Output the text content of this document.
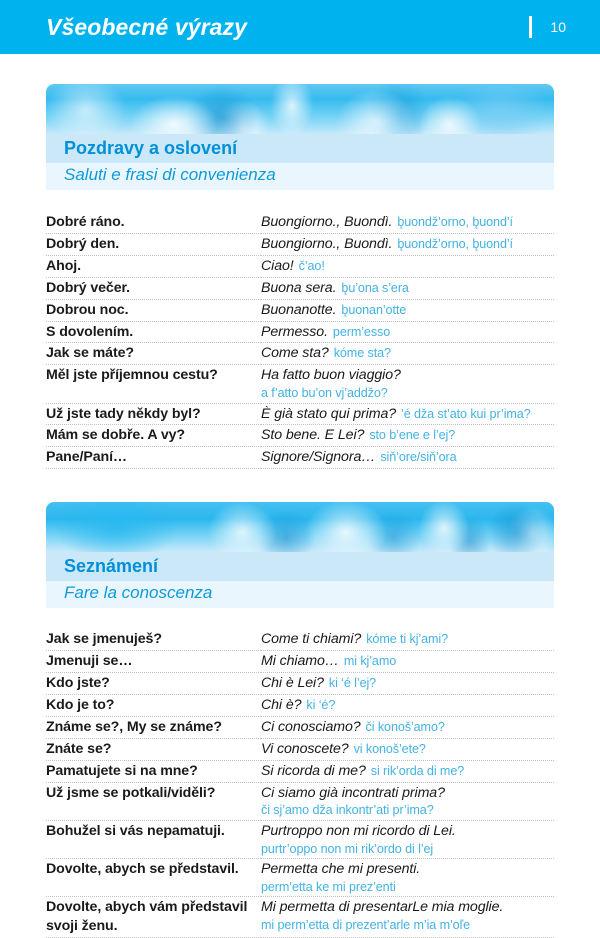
Všeobecné výrazy	10
Pozdravy a oslovení
Saluti e frasi di convenienza
Dobré ráno.	Buongiorno., Buondì. b̨uondž’orno, b̨uond’í
Dobrý den.	Buongiorno., Buondì. b̨uondž’orno, b̨uond’í
Ahoj.	Ciao! č’ao!
Dobrý večer.	Buona sera. b̨u’ona s’era
Dobrou noc.	Buonanotte. b̨uonan’otte
S dovolením.	Permesso. perm’esso
Jak se máte?	Come sta? kóme sta?
Měl jste příjemnou cestu?	Ha fatto buon viaggio?
a f’atto bu’on vj’addžo?

Už jste tady někdy byl?	È già stato qui prima? ’é dža st’ato kui pr’ima?
Mám se dobře. A vy?	Sto bene. E Lei? sto b’ene e l’ej?
Pane/Paní…	Signore/Signora… siň’ore/siň’ora
Seznámení
Fare la conoscenza
Jak se jmenuješ?	Come ti chiami? kóme ti kj’ami?
Jmenuji se…	Mi chiamo… mi kj’amo
Kdo jste?	Chi è Lei? ki ‘é l’ej?
Kdo je to?	Chi è? ki ‘é?
Známe se?, My se známe?	Ci conosciamo? či konoš’amo?
Znáte se?	Vi conoscete? vi konoš’ete?
Pamatujete si na mne?	Si ricorda di me? si rik’orda di me?
Už jsme se potkali/viděli?	Ci siamo già incontrati prima?
či sj’amo dža inkontr’ati pr’ima?

Bohužel si vás nepamatuji.	Purtroppo non mi ricordo di Lei.
purtr’oppo non mi rik’ordo di l’ej

Dovolte, abych se představil.	Permetta che mi presenti.
perm’etta ke mi prez’enti

Dovolte, abych vám představil svoji ženu.	Mi permetta di presentarLe mia moglie.
mi perm’etta di prezent’arle m’ia m’oľe
